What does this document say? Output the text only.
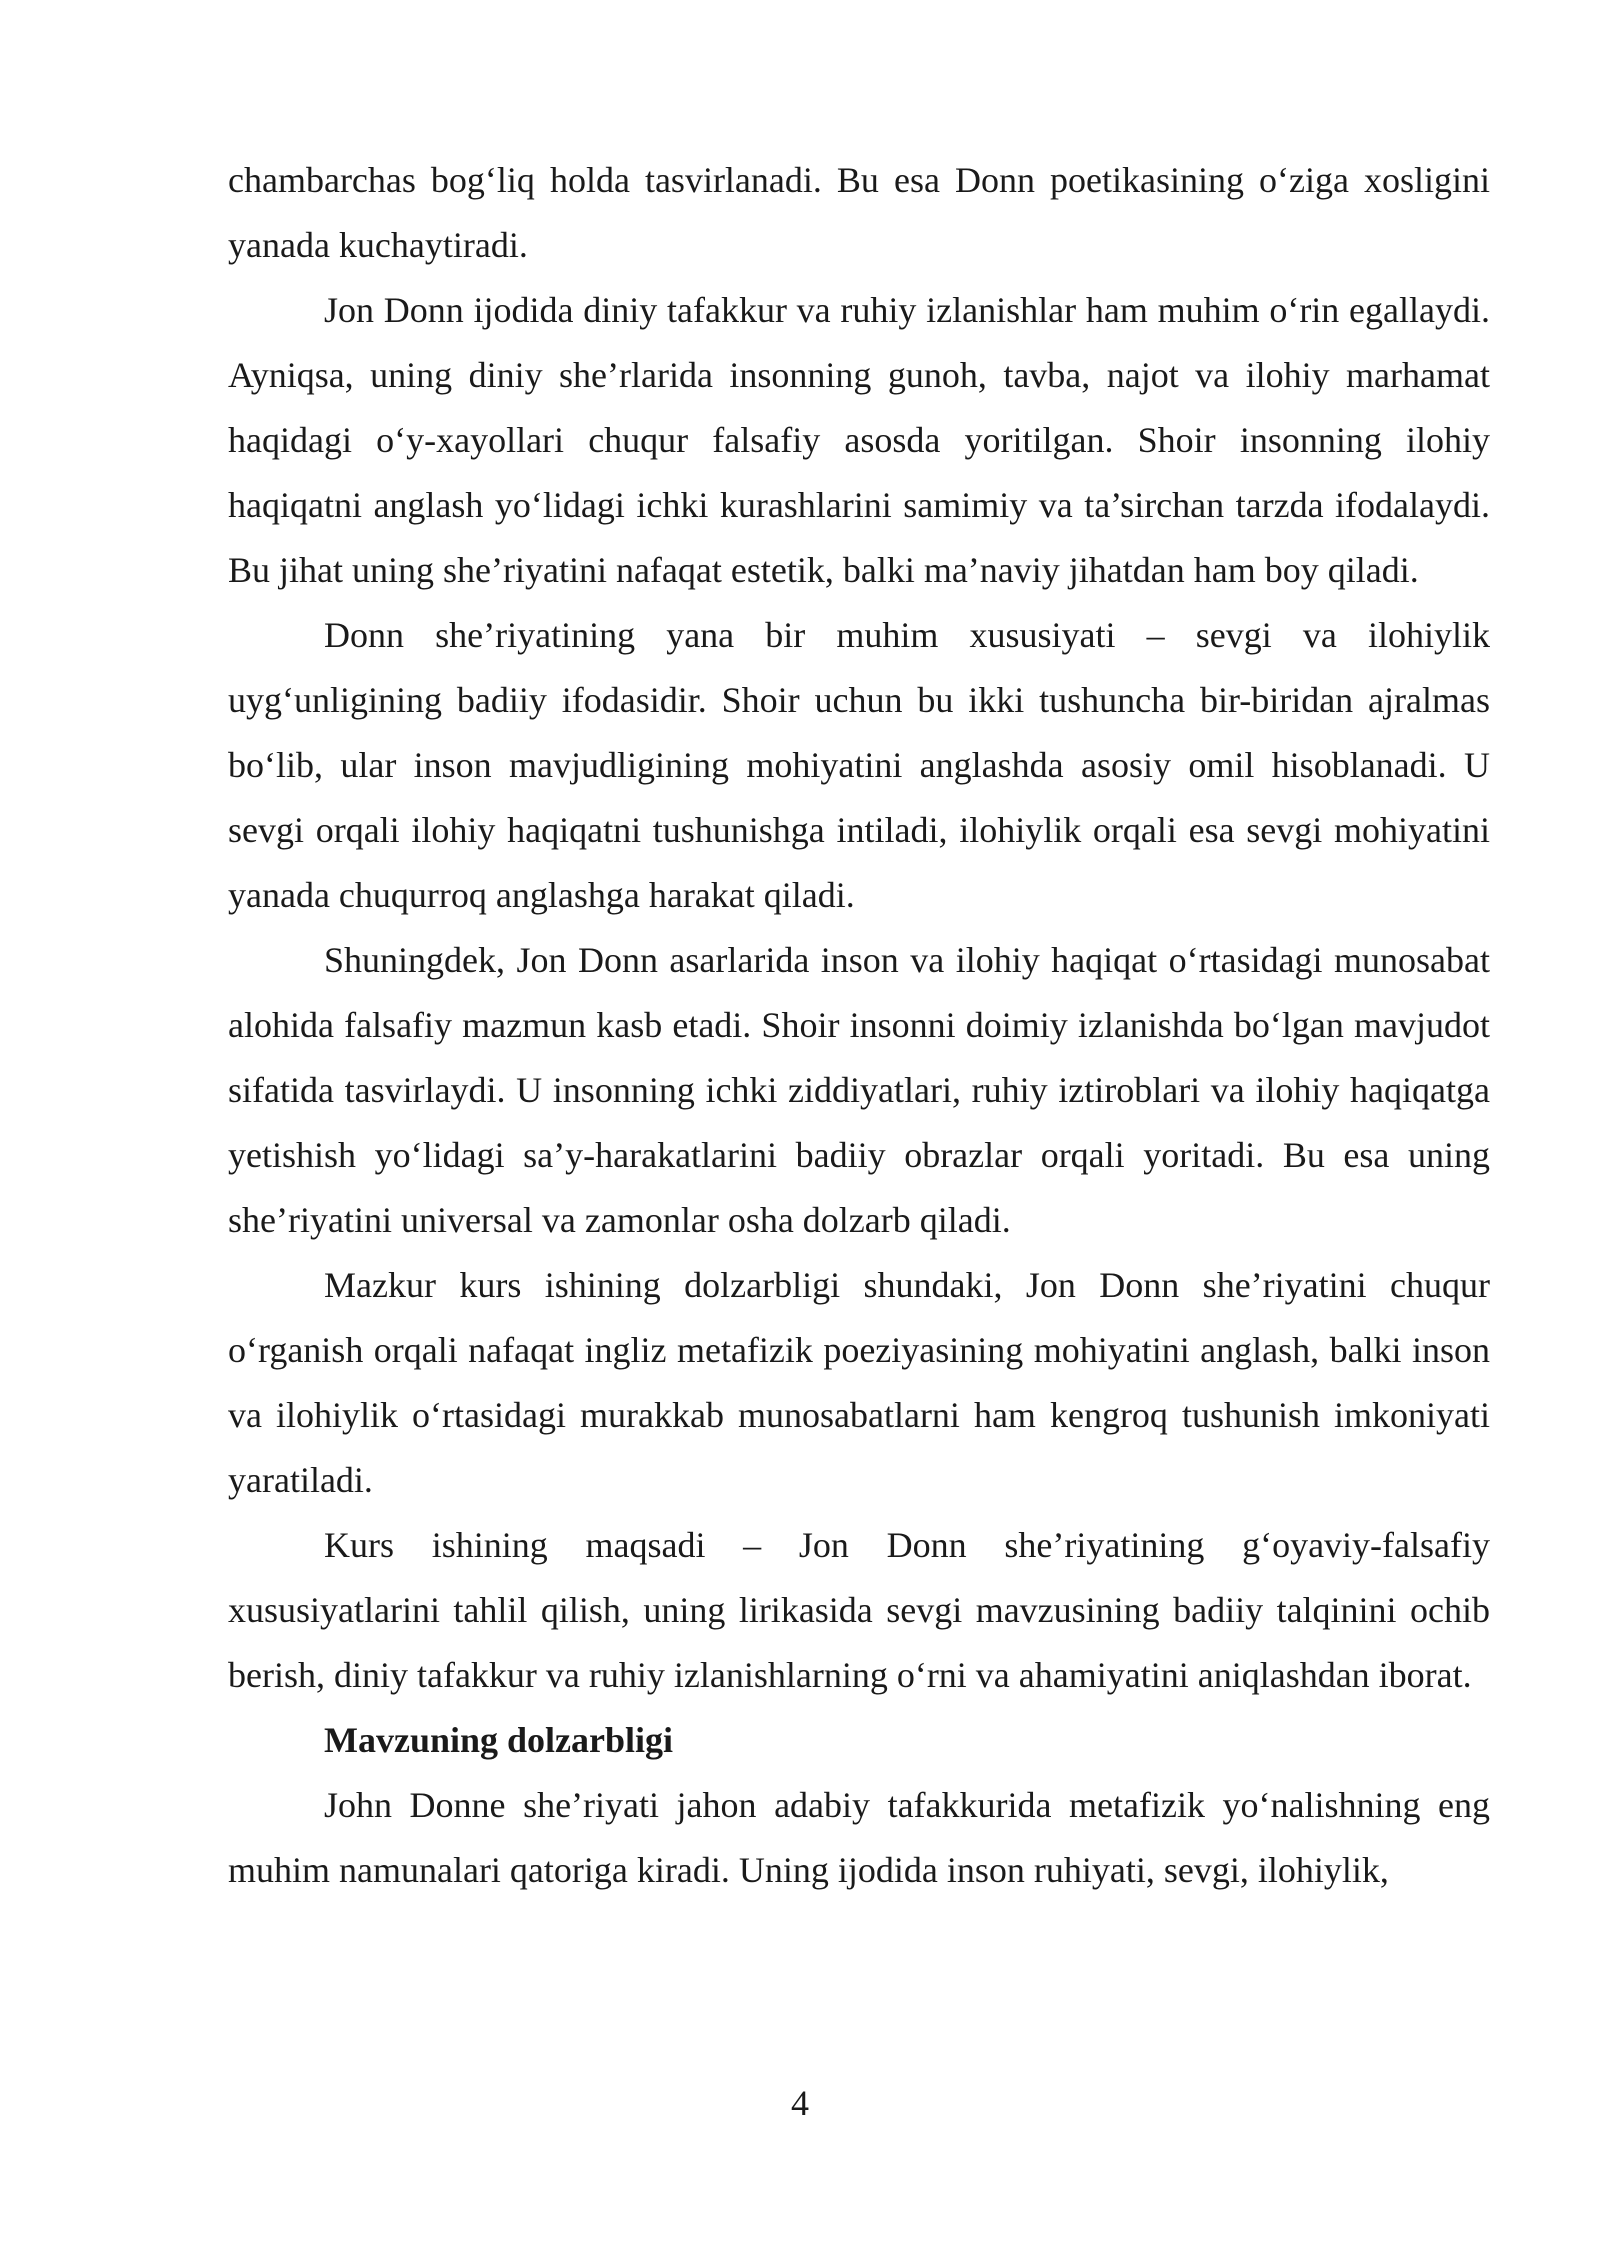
chambarchas bog‘liq holda tasvirlanadi. Bu esa Donn poetikasining o‘ziga xosligini yanada kuchaytiradi.

Jon Donn ijodida diniy tafakkur va ruhiy izlanishlar ham muhim o‘rin egallaydi. Ayniqsa, uning diniy she’rlarida insonning gunoh, tavba, najot va ilohiy marhamat haqidagi o‘y-xayollari chuqur falsafiy asosda yoritilgan. Shoir insonning ilohiy haqiqatni anglash yo‘lidagi ichki kurashlarini samimiy va ta’sirchan tarzda ifodalaydi. Bu jihat uning she’riyatini nafaqat estetik, balki ma’naviy jihatdan ham boy qiladi.

Donn she’riyatining yana bir muhim xususiyati – sevgi va ilohiylik uyg‘unligining badiiy ifodasidir. Shoir uchun bu ikki tushuncha bir-biridan ajralmas bo‘lib, ular inson mavjudligining mohiyatini anglashda asosiy omil hisoblanadi. U sevgi orqali ilohiy haqiqatni tushunishga intiladi, ilohiylik orqali esa sevgi mohiyatini yanada chuqurroq anglashga harakat qiladi.

Shuningdek, Jon Donn asarlarida inson va ilohiy haqiqat o‘rtasidagi munosabat alohida falsafiy mazmun kasb etadi. Shoir insonni doimiy izlanishda bo‘lgan mavjudot sifatida tasvirlaydi. U insonning ichki ziddiyatlari, ruhiy iztiroblari va ilohiy haqiqatga yetishish yo‘lidagi sa’y-harakatlarini badiiy obrazlar orqali yoritadi. Bu esa uning she’riyatini universal va zamonlar osha dolzarb qiladi.

Mazkur kurs ishining dolzarbligi shundaki, Jon Donn she’riyatini chuqur o‘rganish orqali nafaqat ingliz metafizik poeziyasining mohiyatini anglash, balki inson va ilohiylik o‘rtasidagi murakkab munosabatlarni ham kengroq tushunish imkoniyati yaratiladi.

Kurs ishining maqsadi – Jon Donn she’riyatining g‘oyaviy-falsafiy xususiyatlarini tahlil qilish, uning lirikasida sevgi mavzusining badiiy talqinini ochib berish, diniy tafakkur va ruhiy izlanishlarning o‘rni va ahamiyatini aniqlashdan iborat.

Mavzuning dolzarbligi

John Donne she’riyati jahon adabiy tafakkurida metafizik yo‘nalishning eng muhim namunalari qatoriga kiradi. Uning ijodida inson ruhiyati, sevgi, ilohiylik,

4
